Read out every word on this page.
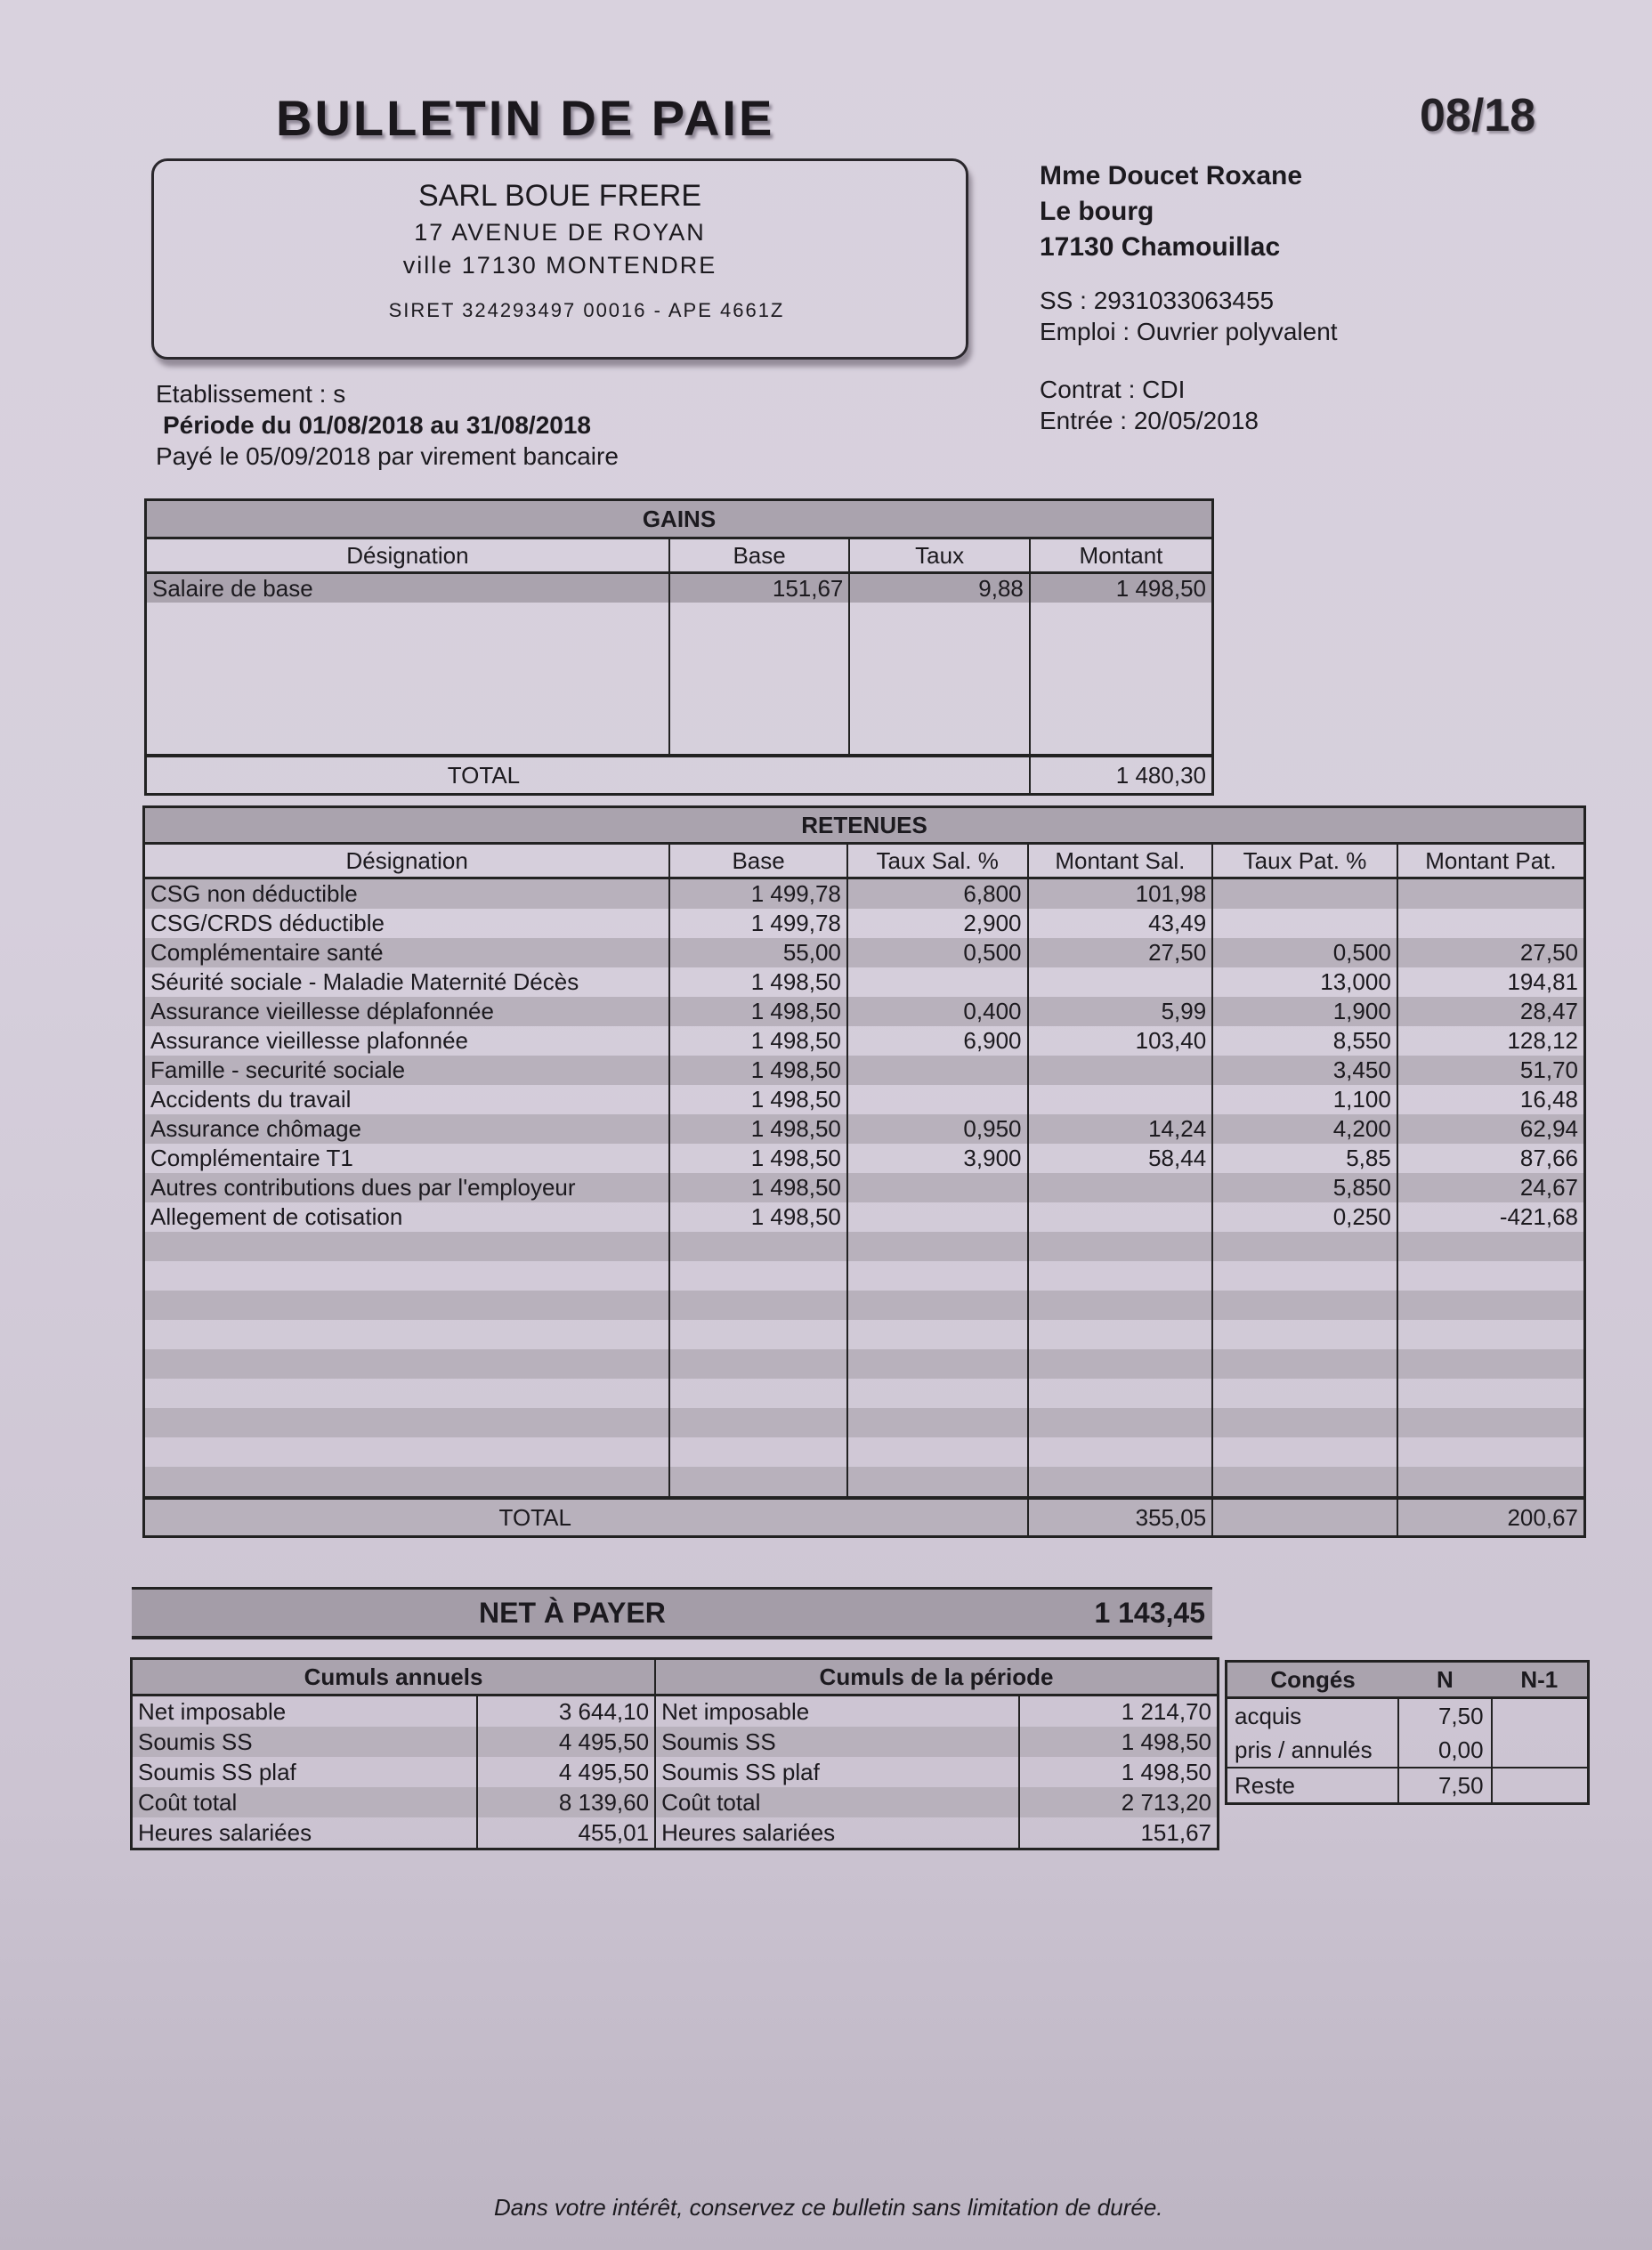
BULLETIN DE PAIE	08/18
SARL BOUE FRERE
17 AVENUE DE ROYAN
ville 17130 MONTENDRE
SIRET 324293497 00016 - APE 4661Z
Mme Doucet Roxane
Le bourg
17130 Chamouillac
SS : 2931033063455
Emploi : Ouvrier polyvalent
Contrat : CDI
Entrée : 20/05/2018
Etablissement : s
Période du 01/08/2018 au 31/08/2018
Payé le 05/09/2018 par virement bancaire
GAINS			
Désignation	Base	Taux	Montant
Salaire de base	151,67	9,88	1 498,50

TOTAL			1 480,30
RETENUES					
Désignation	Base	Taux Sal. %	Montant Sal.	Taux Pat. %	Montant Pat.
CSG non déductible	1 499,78	6,800	101,98		
CSG/CRDS déductible	1 499,78	2,900	43,49		
Complémentaire santé	55,00	0,500	27,50	0,500	27,50
Séurité sociale - Maladie Maternité Décès	1 498,50			13,000	194,81
Assurance vieillesse déplafonnée	1 498,50	0,400	5,99	1,900	28,47
Assurance vieillesse plafonnée	1 498,50	6,900	103,40	8,550	128,12
Famille - securité sociale	1 498,50			3,450	51,70
Accidents du travail	1 498,50			1,100	16,48
Assurance chômage	1 498,50	0,950	14,24	4,200	62,94
Complémentaire T1	1 498,50	3,900	58,44	5,85	87,66
Autres contributions dues par l'employeur	1 498,50			5,850	24,67
Allegement de cotisation	1 498,50			0,250	-421,68

TOTAL			355,05		200,67
NET À PAYER	1 143,45
Cumuls annuels		Cumuls de la période	
Net imposable	3 644,10	Net imposable	1 214,70
Soumis SS	4 495,50	Soumis SS	1 498,50
Soumis SS plaf	4 495,50	Soumis SS plaf	1 498,50
Coût total	8 139,60	Coût total	2 713,20
Heures salariées	455,01	Heures salariées	151,67
Congés	N	N-1
acquis	7,50	
pris / annulés	0,00	
Reste	7,50	
Dans votre intérêt, conservez ce bulletin sans limitation de durée.
